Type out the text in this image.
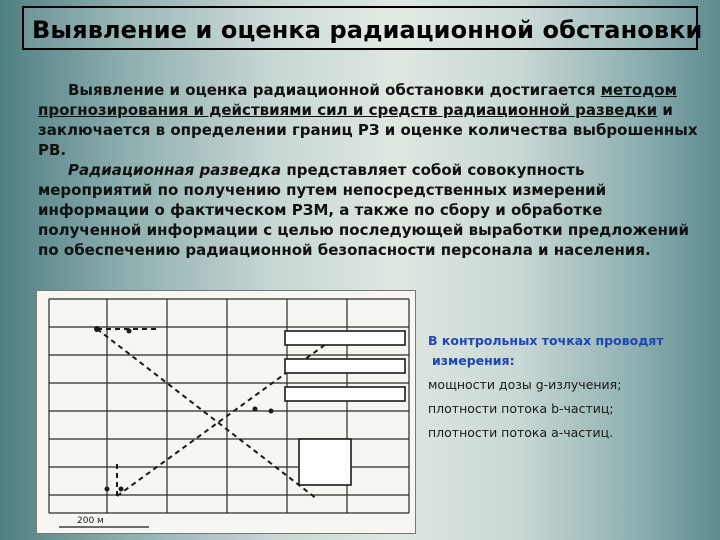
Выявление и оценка радиационной обстановки

Выявление и оценка радиационной обстановки достигается методом прогнозирования и действиями сил и средств радиационной разведки и заключается в определении границ РЗ и оценке количества выброшенных РВ.

Радиационная разведка представляет собой совокупность мероприятий по получению путем непосредственных измерений информации о фактическом РЗМ, а также по сбору и обработке полученной информации с целью последующей выработки предложений по обеспечению радиационной безопасности персонала и населения.

200 м

В контрольных точках проводят
измерения:

мощности дозы g-излучения;

плотности потока b-частиц;

плотности потока a-частиц.
